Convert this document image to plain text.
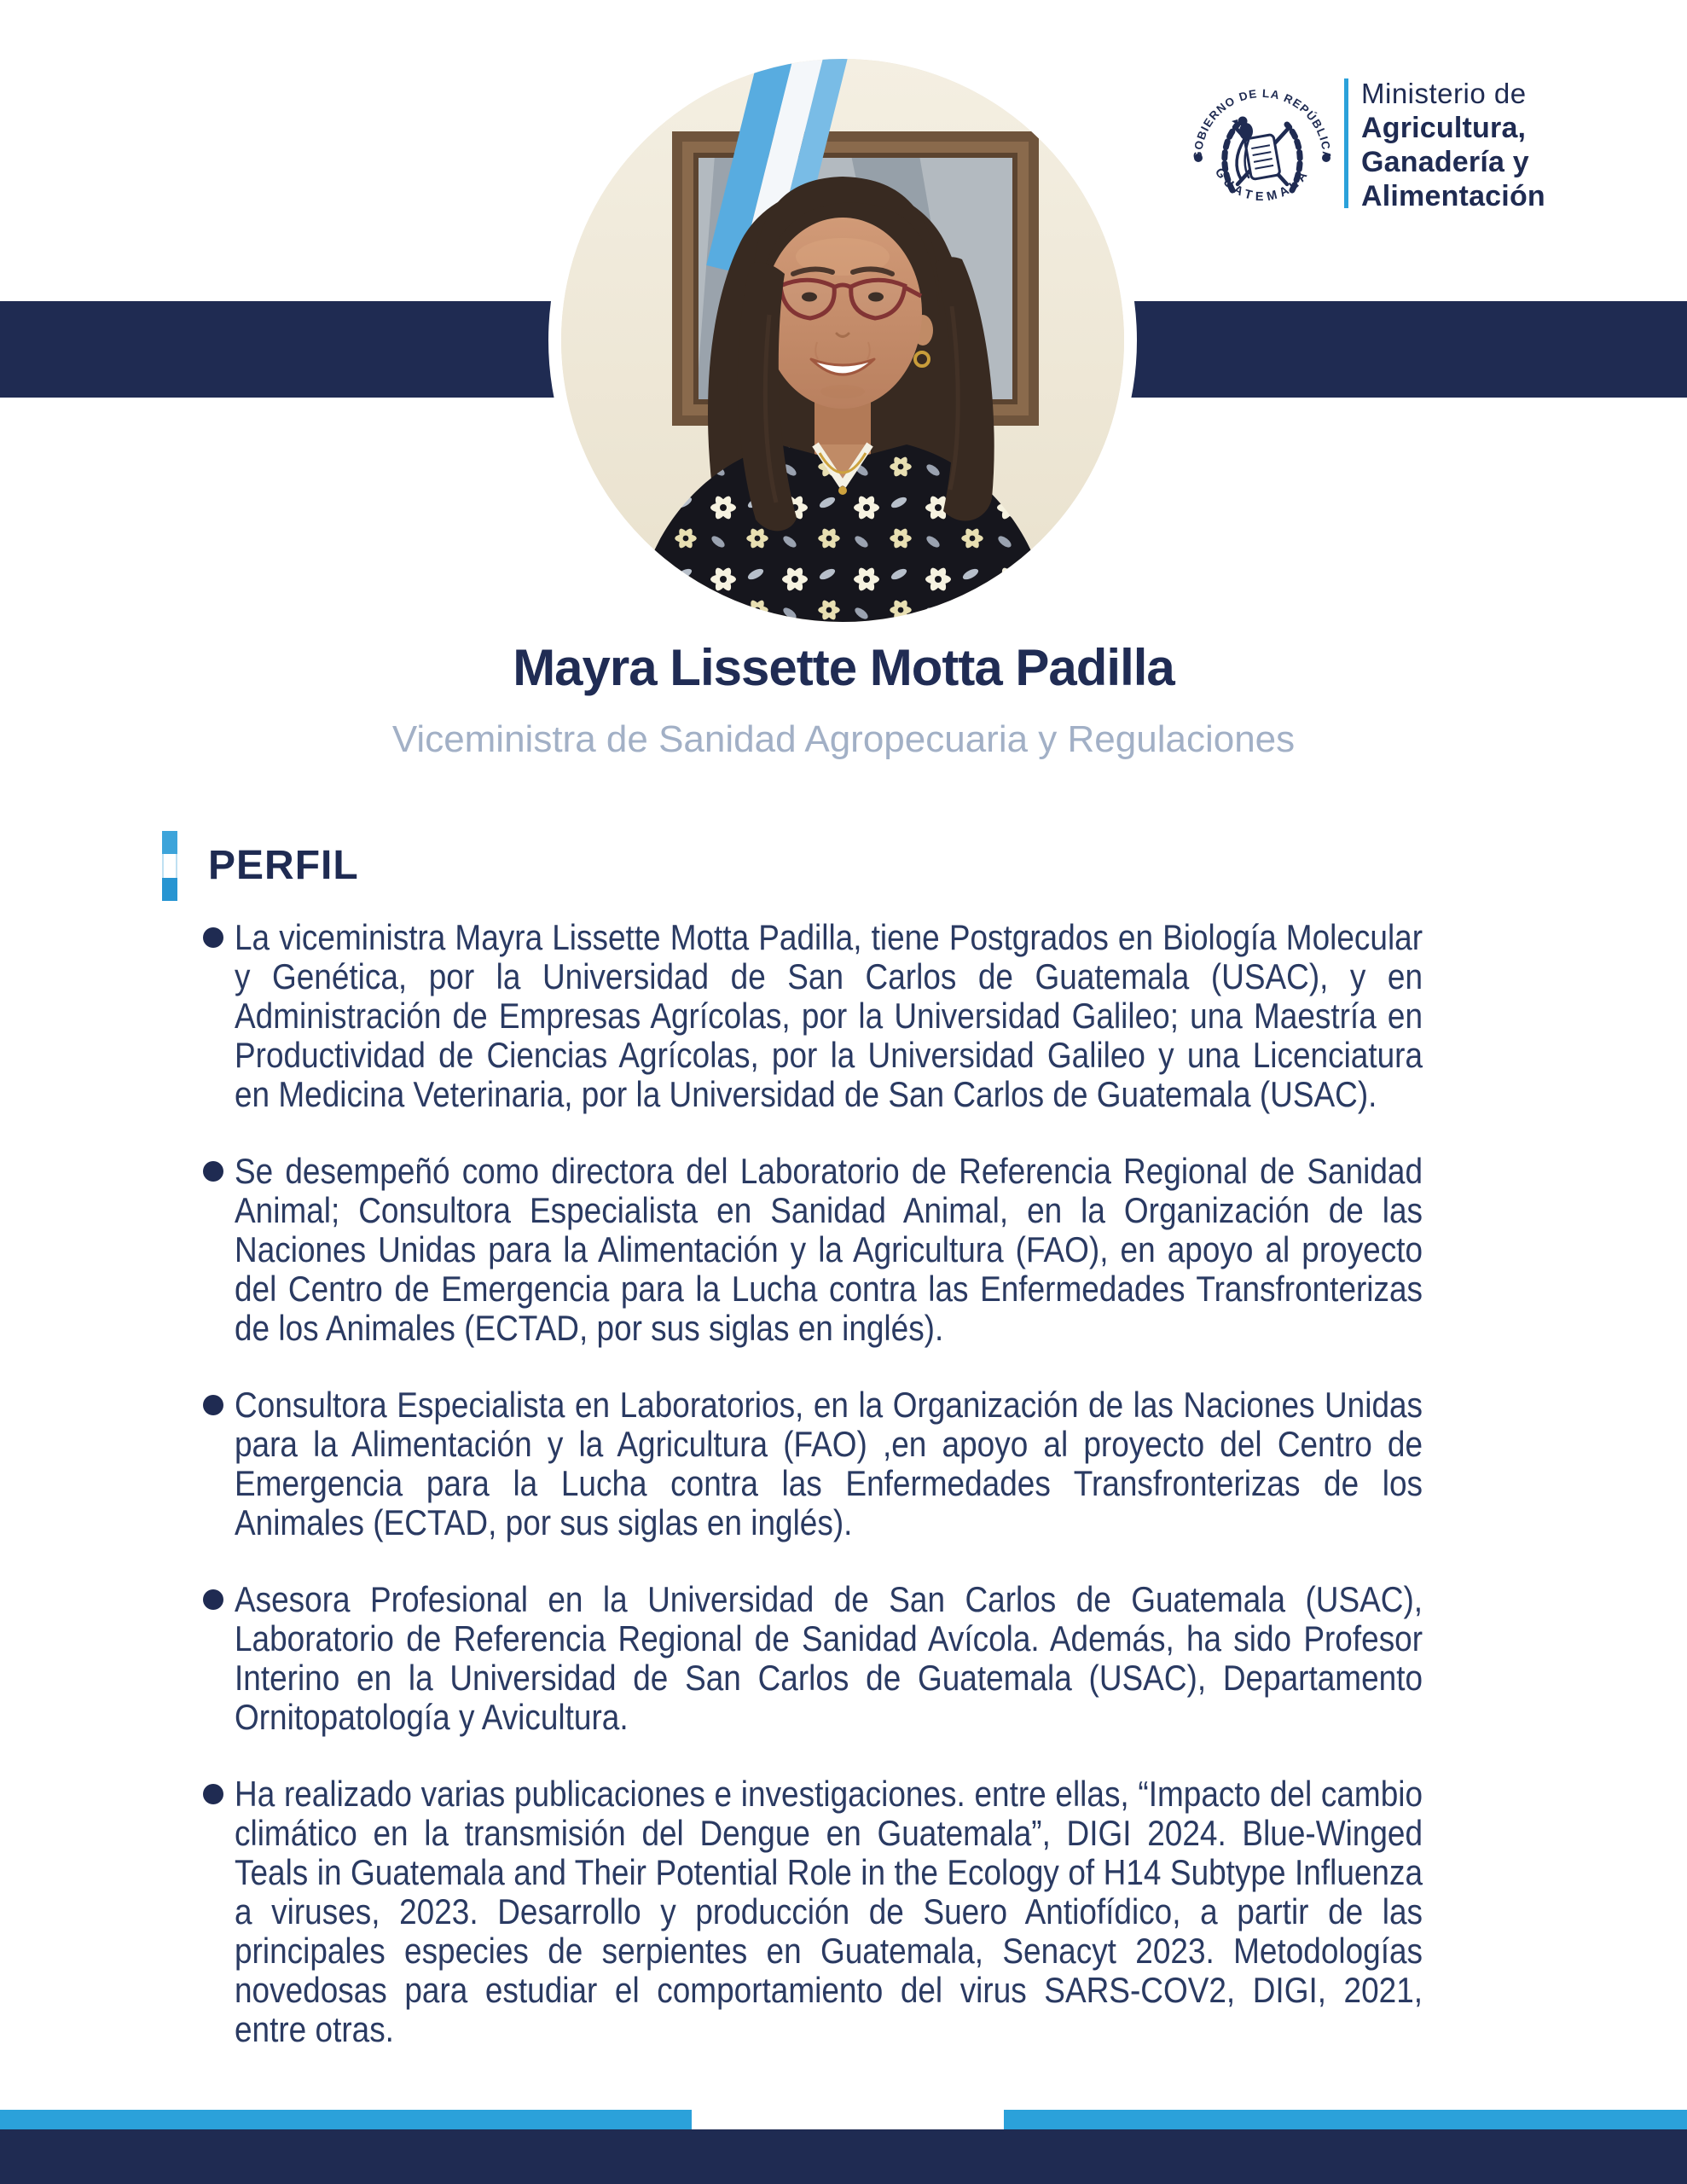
GOBIERNO DE LA REPÚBLICA
GUATEMALA
Ministerio de
Agricultura,
Ganadería y
Alimentación
Mayra Lissette Motta Padilla
Viceministra de Sanidad Agropecuaria y Regulaciones
PERFIL

La viceministra Mayra Lissette Motta Padilla, tiene Postgrados en Biología Molecular y Genética, por la Universidad de San Carlos de Guatemala (USAC), y en Administración de Empresas Agrícolas, por la Universidad Galileo; una Maestría en Productividad de Ciencias Agrícolas, por la Universidad Galileo y una Licenciatura en Medicina Veterinaria, por la Universidad de San Carlos de Guatemala (USAC).

Se desempeñó como directora del Laboratorio de Referencia Regional de Sanidad Animal; Consultora Especialista en Sanidad Animal, en la Organización de las Naciones Unidas para la Alimentación y la Agricultura (FAO), en apoyo al proyecto del Centro de Emergencia para la Lucha contra las Enfermedades Transfronterizas de los Animales (ECTAD, por sus siglas en inglés).

Consultora Especialista en Laboratorios, en la Organización de las Naciones Unidas para la Alimentación y la Agricultura (FAO) ,en apoyo al proyecto del Centro de Emergencia para la Lucha contra las Enfermedades Transfronterizas de los Animales (ECTAD, por sus siglas en inglés).

Asesora Profesional en la Universidad de San Carlos de Guatemala (USAC), Laboratorio de Referencia Regional de Sanidad Avícola. Además, ha sido Profesor Interino en la Universidad de San Carlos de Guatemala (USAC), Departamento Ornitopatología y Avicultura.

Ha realizado varias publicaciones e investigaciones. entre ellas, “Impacto del cambio climático en la transmisión del Dengue en Guatemala”, DIGI 2024. Blue-Winged Teals in Guatemala and Their Potential Role in the Ecology of H14 Subtype Influenza a viruses, 2023. Desarrollo y producción de Suero Antiofídico, a partir de las principales especies de serpientes en Guatemala, Senacyt 2023. Metodologías novedosas para estudiar el comportamiento del virus SARS-COV2, DIGI, 2021, entre otras.
